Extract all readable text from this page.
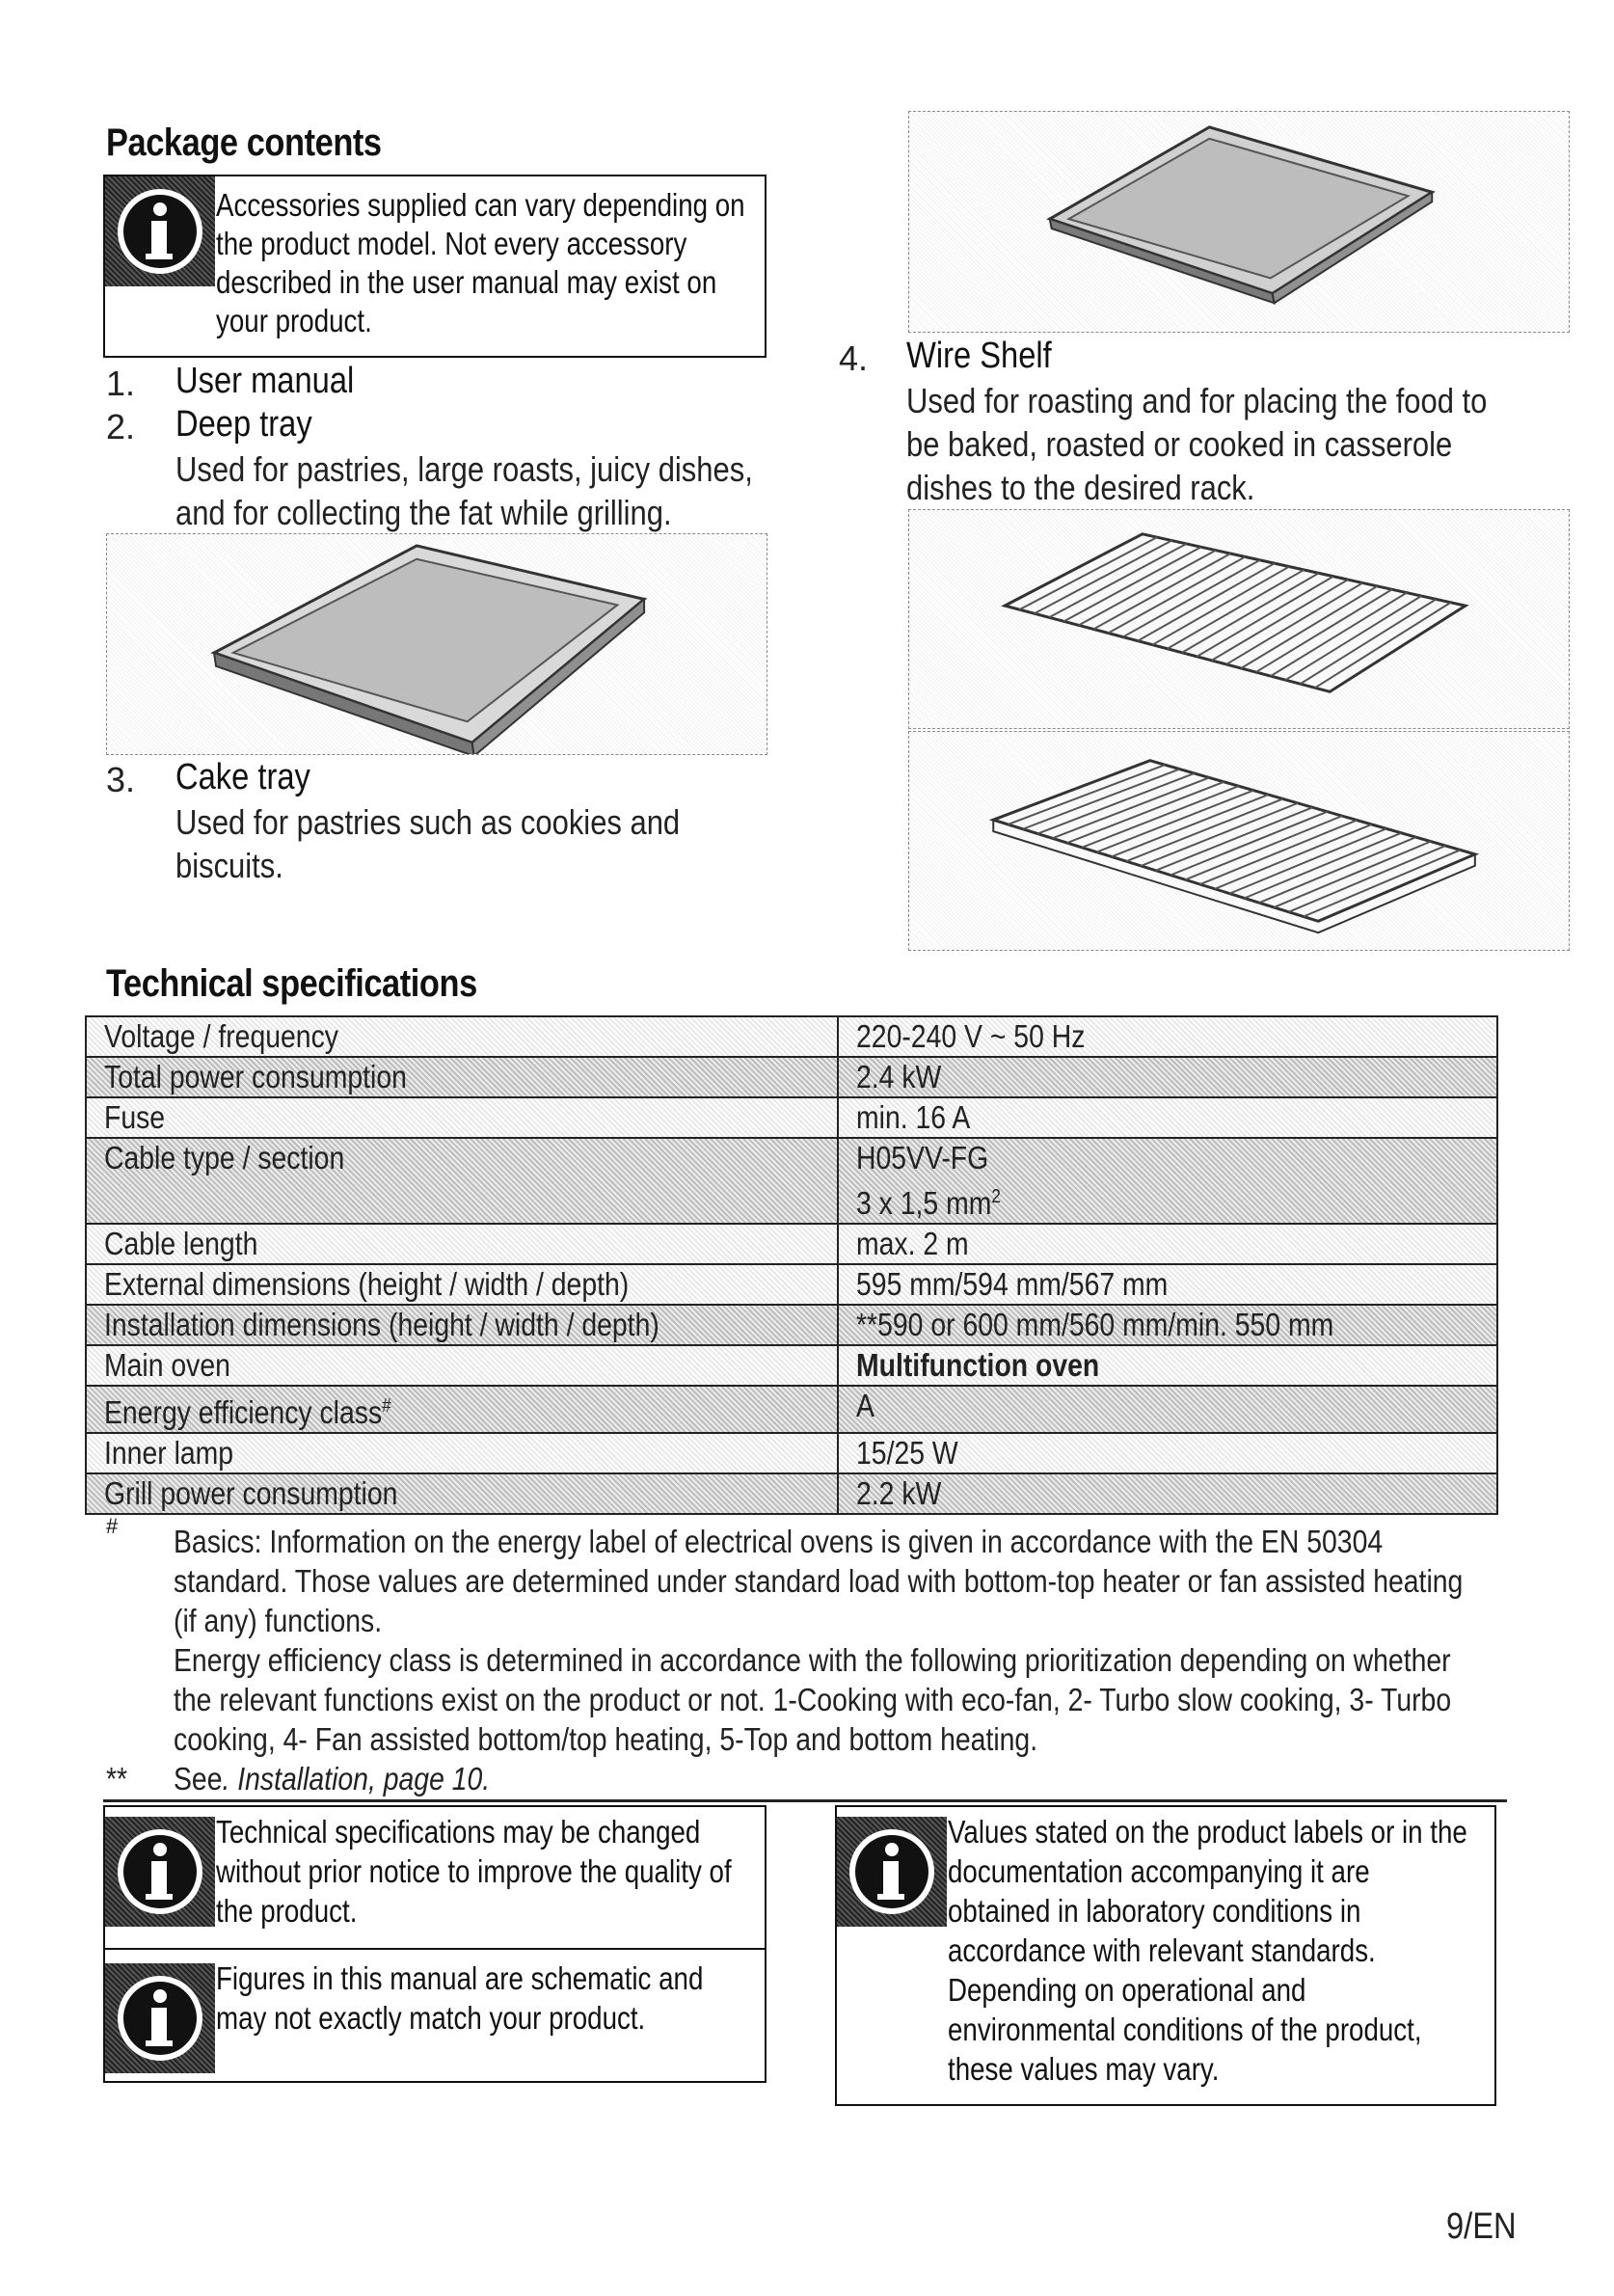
Package contents
Accessories supplied can vary depending on
the product model. Not every accessory
described in the user manual may exist on
your product.
1. User manual
2. Deep tray
Used for pastries, large roasts, juicy dishes,
and for collecting the fat while grilling.
3. Cake tray
Used for pastries such as cookies and
biscuits.
4. Wire Shelf
Used for roasting and for placing the food to
be baked, roasted or cooked in casserole
dishes to the desired rack.
Technical specifications
Voltage / frequency	220-240 V ~ 50 Hz
Total power consumption	2.4 kW
Fuse	min. 16 A
Cable type / section	H05VV-FG
3 x 1,5 $mm^2$
Cable length	max. 2 m
External dimensions (height / width / depth)	595 mm/594 mm/567 mm
Installation dimensions (height / width / depth)	**590 or 600 mm/560 mm/min. 550 mm
Main oven	Multifunction oven
Energy efficiency class#	A
Inner lamp	15/25 W
Grill power consumption	2.2 kW
# Basics: Information on the energy label of electrical ovens is given in accordance with the EN 50304
standard. Those values are determined under standard load with bottom-top heater or fan assisted heating
(if any) functions.
Energy efficiency class is determined in accordance with the following prioritization depending on whether
the relevant functions exist on the product or not. 1-Cooking with eco-fan, 2- Turbo slow cooking, 3- Turbo
cooking, 4- Fan assisted bottom/top heating, 5-Top and bottom heating.
** See. Installation, page 10.
Technical specifications may be changed
without prior notice to improve the quality of
the product.
Figures in this manual are schematic and
may not exactly match your product.
Values stated on the product labels or in the
documentation accompanying it are
obtained in laboratory conditions in
accordance with relevant standards.
Depending on operational and
environmental conditions of the product,
these values may vary.
9/EN
